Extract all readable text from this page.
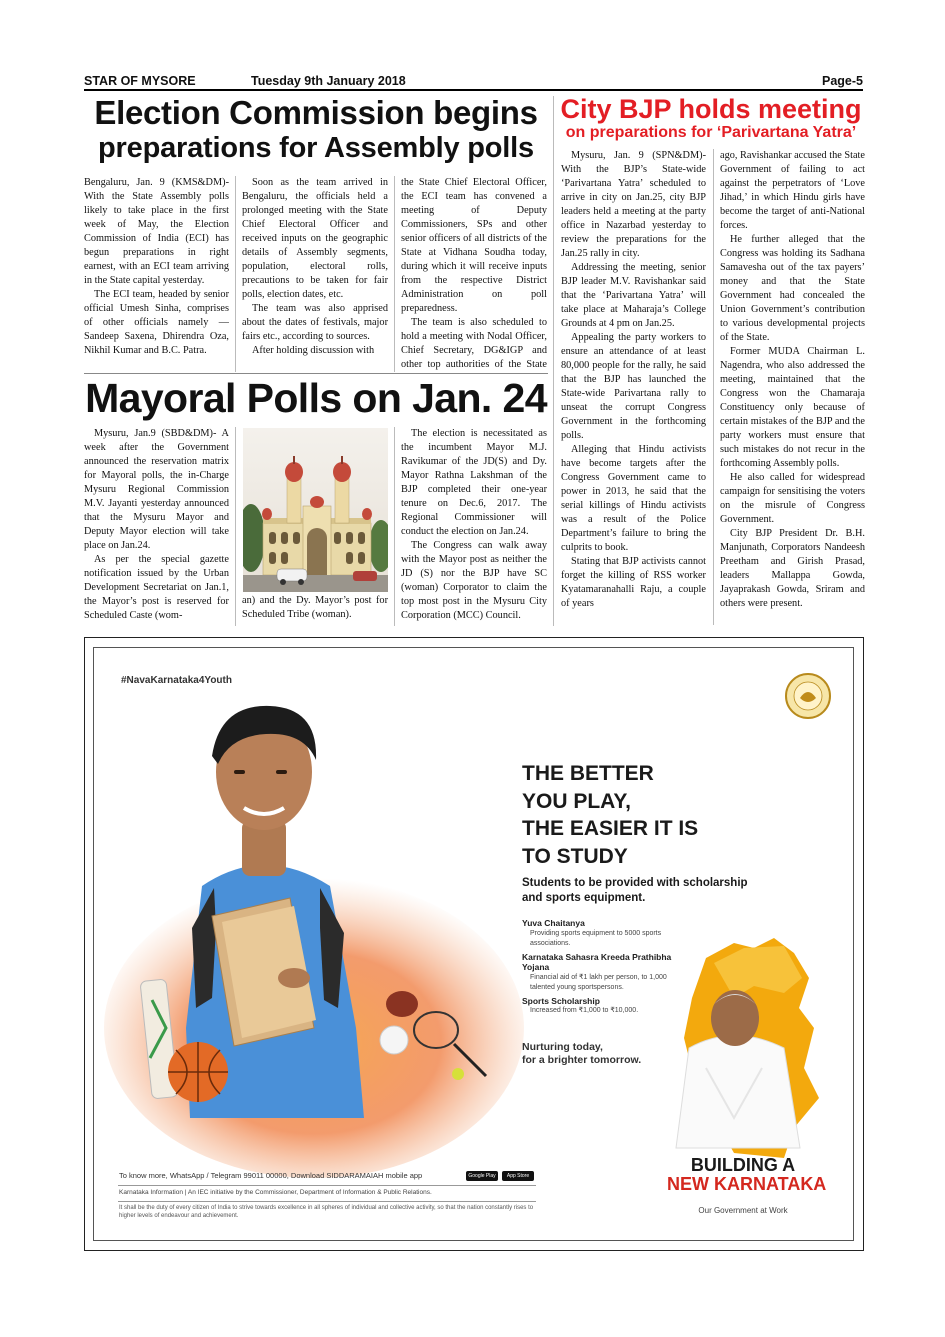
STAR OF MYSORE	Tuesday 9th January 2018	Page-5
Election Commission begins
preparations for Assembly polls

Bengaluru, Jan. 9 (KMS&DM)- With the State Assembly polls likely to take place in the first week of May, the Election Commission of India (ECI) has begun preparations in right earnest, with an ECI team arriving in the State capital yesterday.

The ECI team, headed by senior official Umesh Sinha, comprises of other officials namely — Sandeep Saxena, Dhirendra Oza, Nikhil Kumar and B.C. Patra.

Soon as the team arrived in Bengaluru, the officials held a prolonged meeting with the State Chief Electoral Officer and received inputs on the geographic details of Assembly segments, population, electoral rolls, precautions to be taken for fair polls, election dates, etc.

The team was also apprised about the dates of festivals, major fairs etc., according to sources.

After holding discussion with

the State Chief Electoral Officer, the ECI team has convened a meeting of Deputy Commissioners, SPs and other senior officers of all districts of the State at Vidhana Soudha today, during which it will receive inputs from the respective District Administration on poll preparedness.

The team is also scheduled to hold a meeting with Nodal Officer, Chief Secretary, DG&IGP and other top authorities of the State

City BJP holds meeting
on preparations for ‘Parivartana Yatra’

Mysuru, Jan. 9 (SPN&DM)- With the BJP’s State-wide ‘Parivartana Yatra’ scheduled to arrive in city on Jan.25, city BJP leaders held a meeting at the party office in Nazarbad yesterday to review the preparations for the Jan.25 rally in city.

Addressing the meeting, senior BJP leader M.V. Ravishankar said that the ‘Parivartana Yatra’ will take place at Maharaja’s College Grounds at 4 pm on Jan.25.

Appealing the party workers to ensure an attendance of at least 80,000 people for the rally, he said that the BJP has launched the State-wide Parivartana rally to unseat the corrupt Congress Government in the forthcoming polls.

Alleging that Hindu activists have become targets after the Congress Government came to power in 2013, he said that the serial killings of Hindu activists was a result of the Police Department’s failure to bring the culprits to book.

Stating that BJP activists cannot forget the killing of RSS worker Kyatamaranahalli Raju, a couple of years

ago, Ravishankar accused the State Government of failing to act against the perpetrators of ‘Love Jihad,’ in which Hindu girls have become the target of anti-National forces.

He further alleged that the Congress was holding its Sadhana Samavesha out of the tax payers’ money and that the State Government had concealed the Union Government’s contribution to various developmental projects of the State.

Former MUDA Chairman L. Nagendra, who also addressed the meeting, maintained that the Congress won the Chamaraja Constituency only because of certain mistakes of the BJP and the party workers must ensure that such mistakes do not recur in the forthcoming Assembly polls.

He also called for widespread campaign for sensitising the voters on the misrule of Congress Government.

City BJP President Dr. B.H. Manjunath, Corporators Nandeesh Preetham and Girish Prasad, leaders Mallappa Gowda, Jayaprakash Gowda, Sriram and others were present.

Mayoral Polls on Jan. 24

Mysuru, Jan.9 (SBD&DM)- A week after the Government announced the reservation matrix for Mayoral polls, the in-Charge Mysuru Regional Commission M.V. Jayanti yesterday announced that the Mysuru Mayor and Deputy Mayor election will take place on Jan.24.

As per the special gazette notification issued by the Urban Development Secretariat on Jan.1, the Mayor’s post is reserved for Scheduled Caste (wom-

an) and the Dy. Mayor’s post for Scheduled Tribe (woman).

The election is necessitated as the incumbent Mayor M.J. Ravikumar of the JD(S) and Dy. Mayor Rathna Lakshman of the BJP completed their one-year tenure on Dec.6, 2017. The Regional Commissioner will conduct the election on Jan.24.

The Congress can walk away with the Mayor post as neither the JD (S) nor the BJP have SC (woman) Corporator to claim the top most post in the Mysuru City Corporation (MCC) Council.

#NavaKarnataka4Youth
THE BETTER
YOU PLAY,
THE EASIER IT IS
TO STUDY
Students to be provided with scholarship
and sports equipment.
Yuva Chaitanya
Providing sports equipment to 5000 sports associations.
Karnataka Sahasra Kreeda Prathibha Yojana
Financial aid of ₹1 lakh per person, to 1,000 talented young sportspersons.
Sports Scholarship
Increased from ₹1,000 to ₹10,000.
Nurturing today,
for a brighter tomorrow.
BUILDING A
NEW KARNATAKA
Our Government at Work
To know more, WhatsApp / Telegram 99011 00000, Download SIDDARAMAIAH mobile app	Google Play	App Store
Karnataka Information | An IEC initiative by the Commissioner, Department of Information & Public Relations.
It shall be the duty of every citizen of India to strive towards excellence in all spheres of individual and collective activity, so that the nation constantly rises to higher levels of endeavour and achievement.
